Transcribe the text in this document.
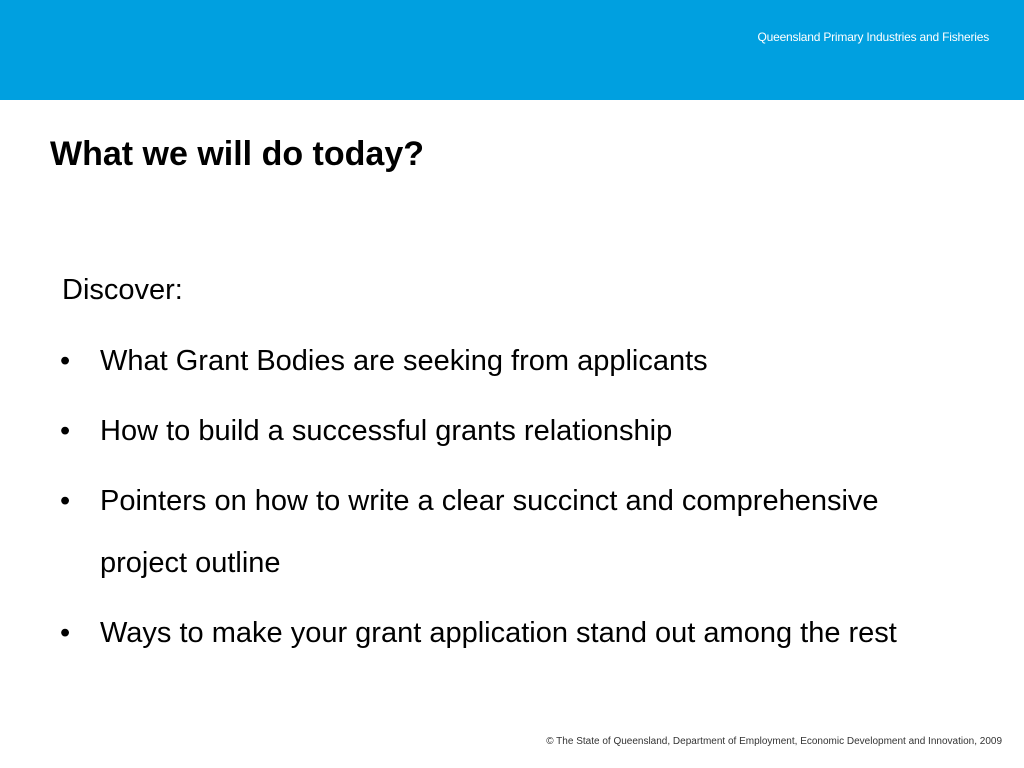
Queensland Primary Industries and Fisheries
What we will do today?
Discover:
• What Grant Bodies are seeking from applicants
• How to build a successful grants relationship
• Pointers on how to write a clear succinct and comprehensive project outline
• Ways to make your grant application stand out among the rest
© The State of Queensland, Department of Employment, Economic Development and Innovation, 2009
